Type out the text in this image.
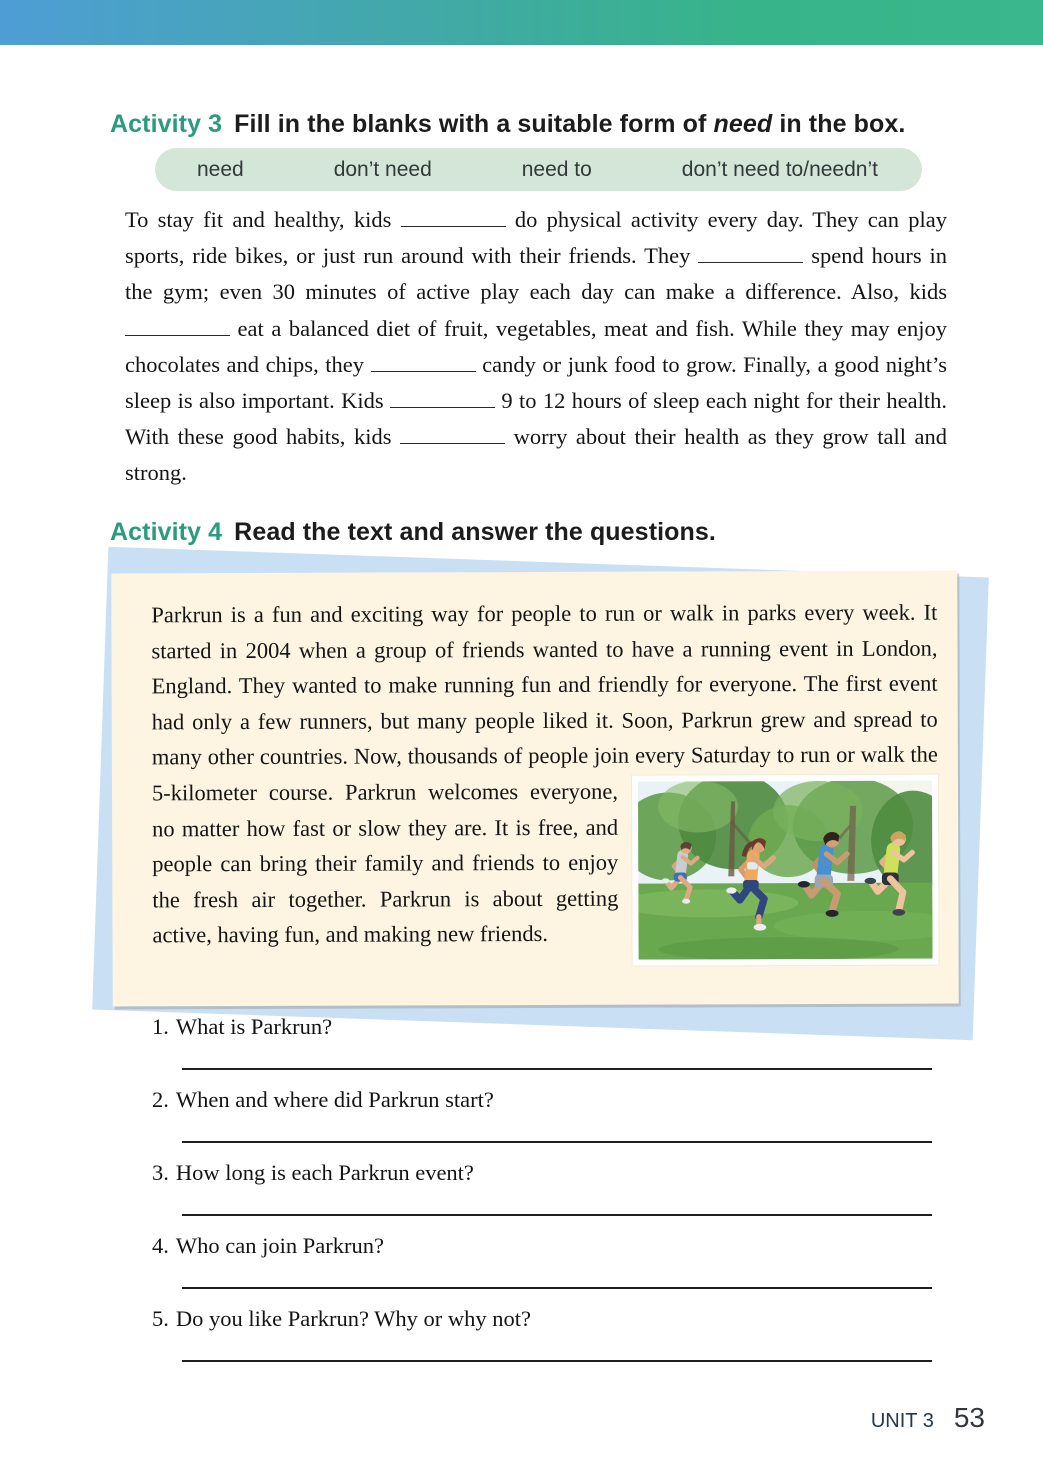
Activity 3 Fill in the blanks with a suitable form of need in the box.
need	don’t need	need to	don’t need to/needn’t

To stay fit and healthy, kids	do physical activity every day. They can play sports, ride bikes, or just run around with their friends. They	spend hours in the gym; even 30 minutes of active play each day can make a difference. Also, kids  eat a balanced diet of fruit, vegetables, meat and fish. While they may enjoy chocolates and chips, they	candy or junk food to grow. Finally, a good night’s sleep is also important. Kids	9 to 12 hours of sleep each night for their health. With these good habits, kids	worry about their health as they grow tall and strong.

Activity 4 Read the text and answer the questions.

Parkrun is a fun and exciting way for people to run or walk in parks every week. It started in 2004 when a group of friends wanted to have a running event in London, England. They wanted to make running fun and friendly for everyone. The first event had only a few runners, but many people liked it. Soon, Parkrun grew and spread to many other countries. Now, thousands of people join every
Saturday to run or walk the 5-kilometer course. Parkrun welcomes everyone, no matter how fast or slow they are. It is free, and people can bring their family and friends to enjoy the fresh air together. Parkrun is about getting active, having fun, and making new friends.

1. What is Parkrun?
2. When and where did Parkrun start?
3. How long is each Parkrun event?
4. Who can join Parkrun?
5. Do you like Parkrun? Why or why not?
UNIT 3 53
